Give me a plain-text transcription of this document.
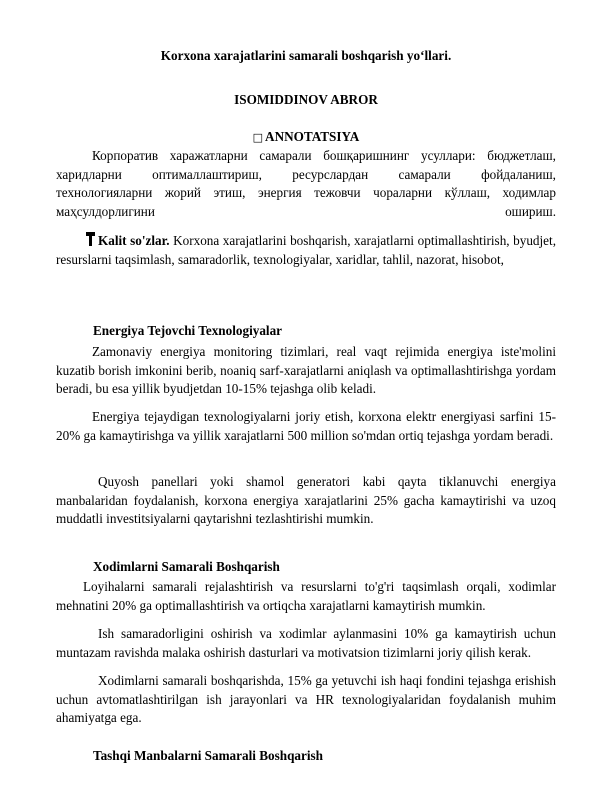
Korxona xarajatlarini samarali boshqarish yo‘llari.
ISOMIDDINOV ABROR
□ ANNOTATSIYA
Корпоратив харажатларни самарали бошқаришнинг усуллари: бюджетлаш,
харидларни оптималлаштириш, ресурслардан самарали фойдаланиш,
технологияларни жорий этиш, энергия тежовчи чораларни кўллаш, ходимлар
маҳсулдорлигини	ошириш.
Kalit so'zlar. Korxona xarajatlarini boshqarish, xarajatlarni optimallashtirish, byudjet, resurslarni taqsimlash, samaradorlik, texnologiyalar, xaridlar, tahlil, nazorat, hisobot,
Energiya Tejovchi Texnologiyalar
Zamonaviy energiya monitoring tizimlari, real vaqt rejimida energiya iste'molini kuzatib borish imkonini berib, noaniq sarf-xarajatlarni aniqlash va optimallashtirishga yordam beradi, bu esa yillik byudjetdan 10-15% tejashga olib keladi.
Energiya tejaydigan texnologiyalarni joriy etish, korxona elektr energiyasi sarfini 15-20% ga kamaytirishga va yillik xarajatlarni 500 million so'mdan ortiq tejashga yordam beradi.
Quyosh panellari yoki shamol generatori kabi qayta tiklanuvchi energiya manbalaridan foydalanish, korxona energiya xarajatlarini 25% gacha kamaytirishi va uzoq muddatli investitsiyalarni qaytarishni tezlashtirishi mumkin.
Xodimlarni Samarali Boshqarish
Loyihalarni samarali rejalashtirish va resurslarni to'g'ri taqsimlash orqali, xodimlar mehnatini 20% ga optimallashtirish va ortiqcha xarajatlarni kamaytirish mumkin.
Ish samaradorligini oshirish va xodimlar aylanmasini 10% ga kamaytirish uchun muntazam ravishda malaka oshirish dasturlari va motivatsion tizimlarni joriy qilish kerak.
Xodimlarni samarali boshqarishda, 15% ga yetuvchi ish haqi fondini tejashga erishish uchun avtomatlashtirilgan ish jarayonlari va HR texnologiyalaridan foydalanish muhim ahamiyatga ega.
Tashqi Manbalarni Samarali Boshqarish
